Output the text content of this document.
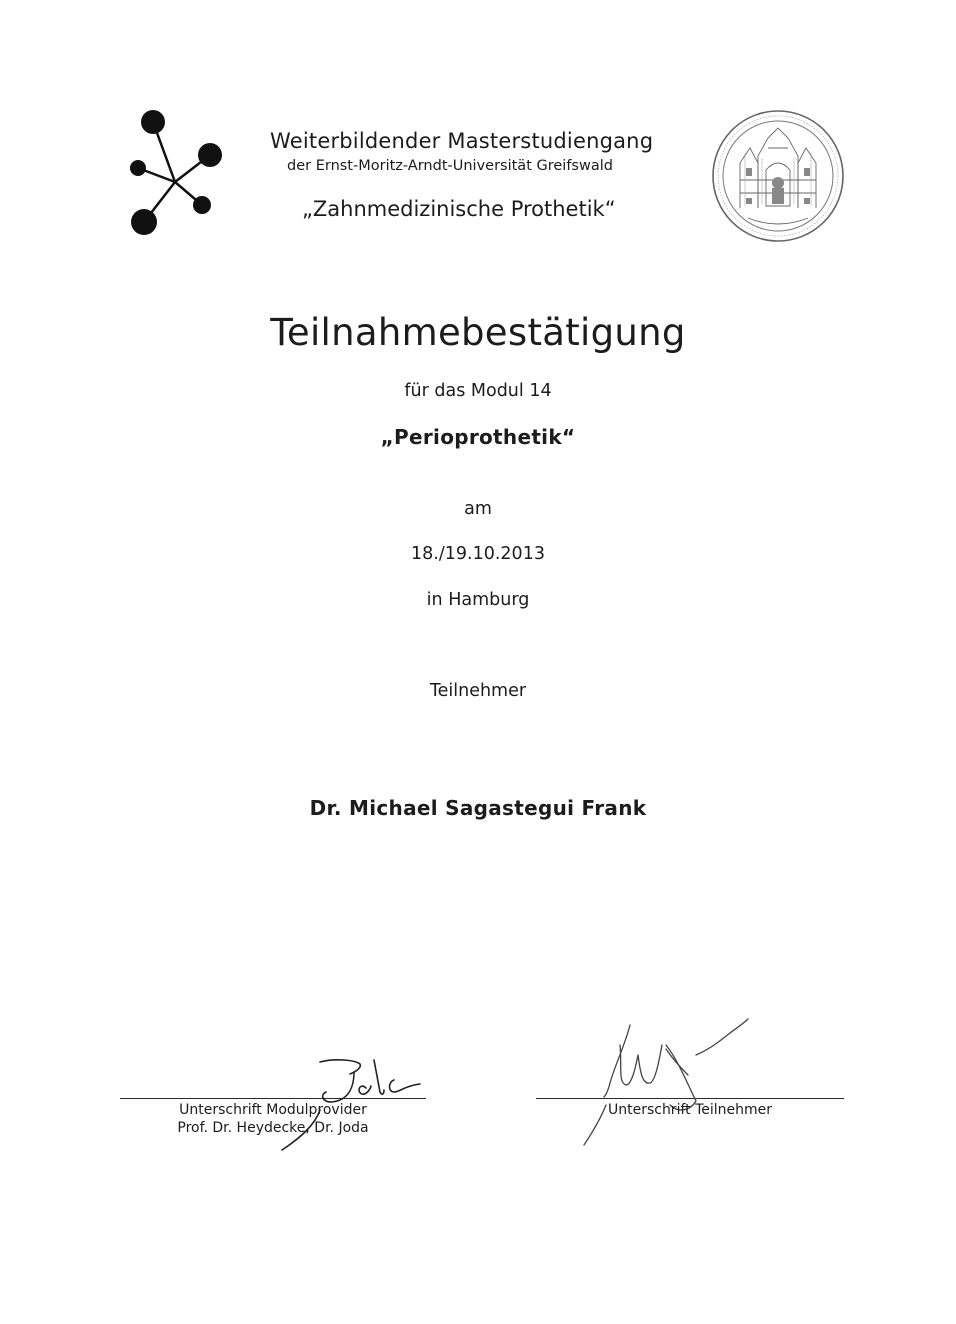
Weiterbildender Masterstudiengang
der Ernst-Moritz-Arndt-Universität Greifswald
„Zahnmedizinische Prothetik“
Teilnahmebestätigung
für das Modul 14
„Perioprothetik“
am
18./19.10.2013
in Hamburg
Teilnehmer
Dr. Michael Sagastegui Frank
Unterschrift Modulprovider
Prof. Dr. Heydecke, Dr. Joda
Unterschrift Teilnehmer
